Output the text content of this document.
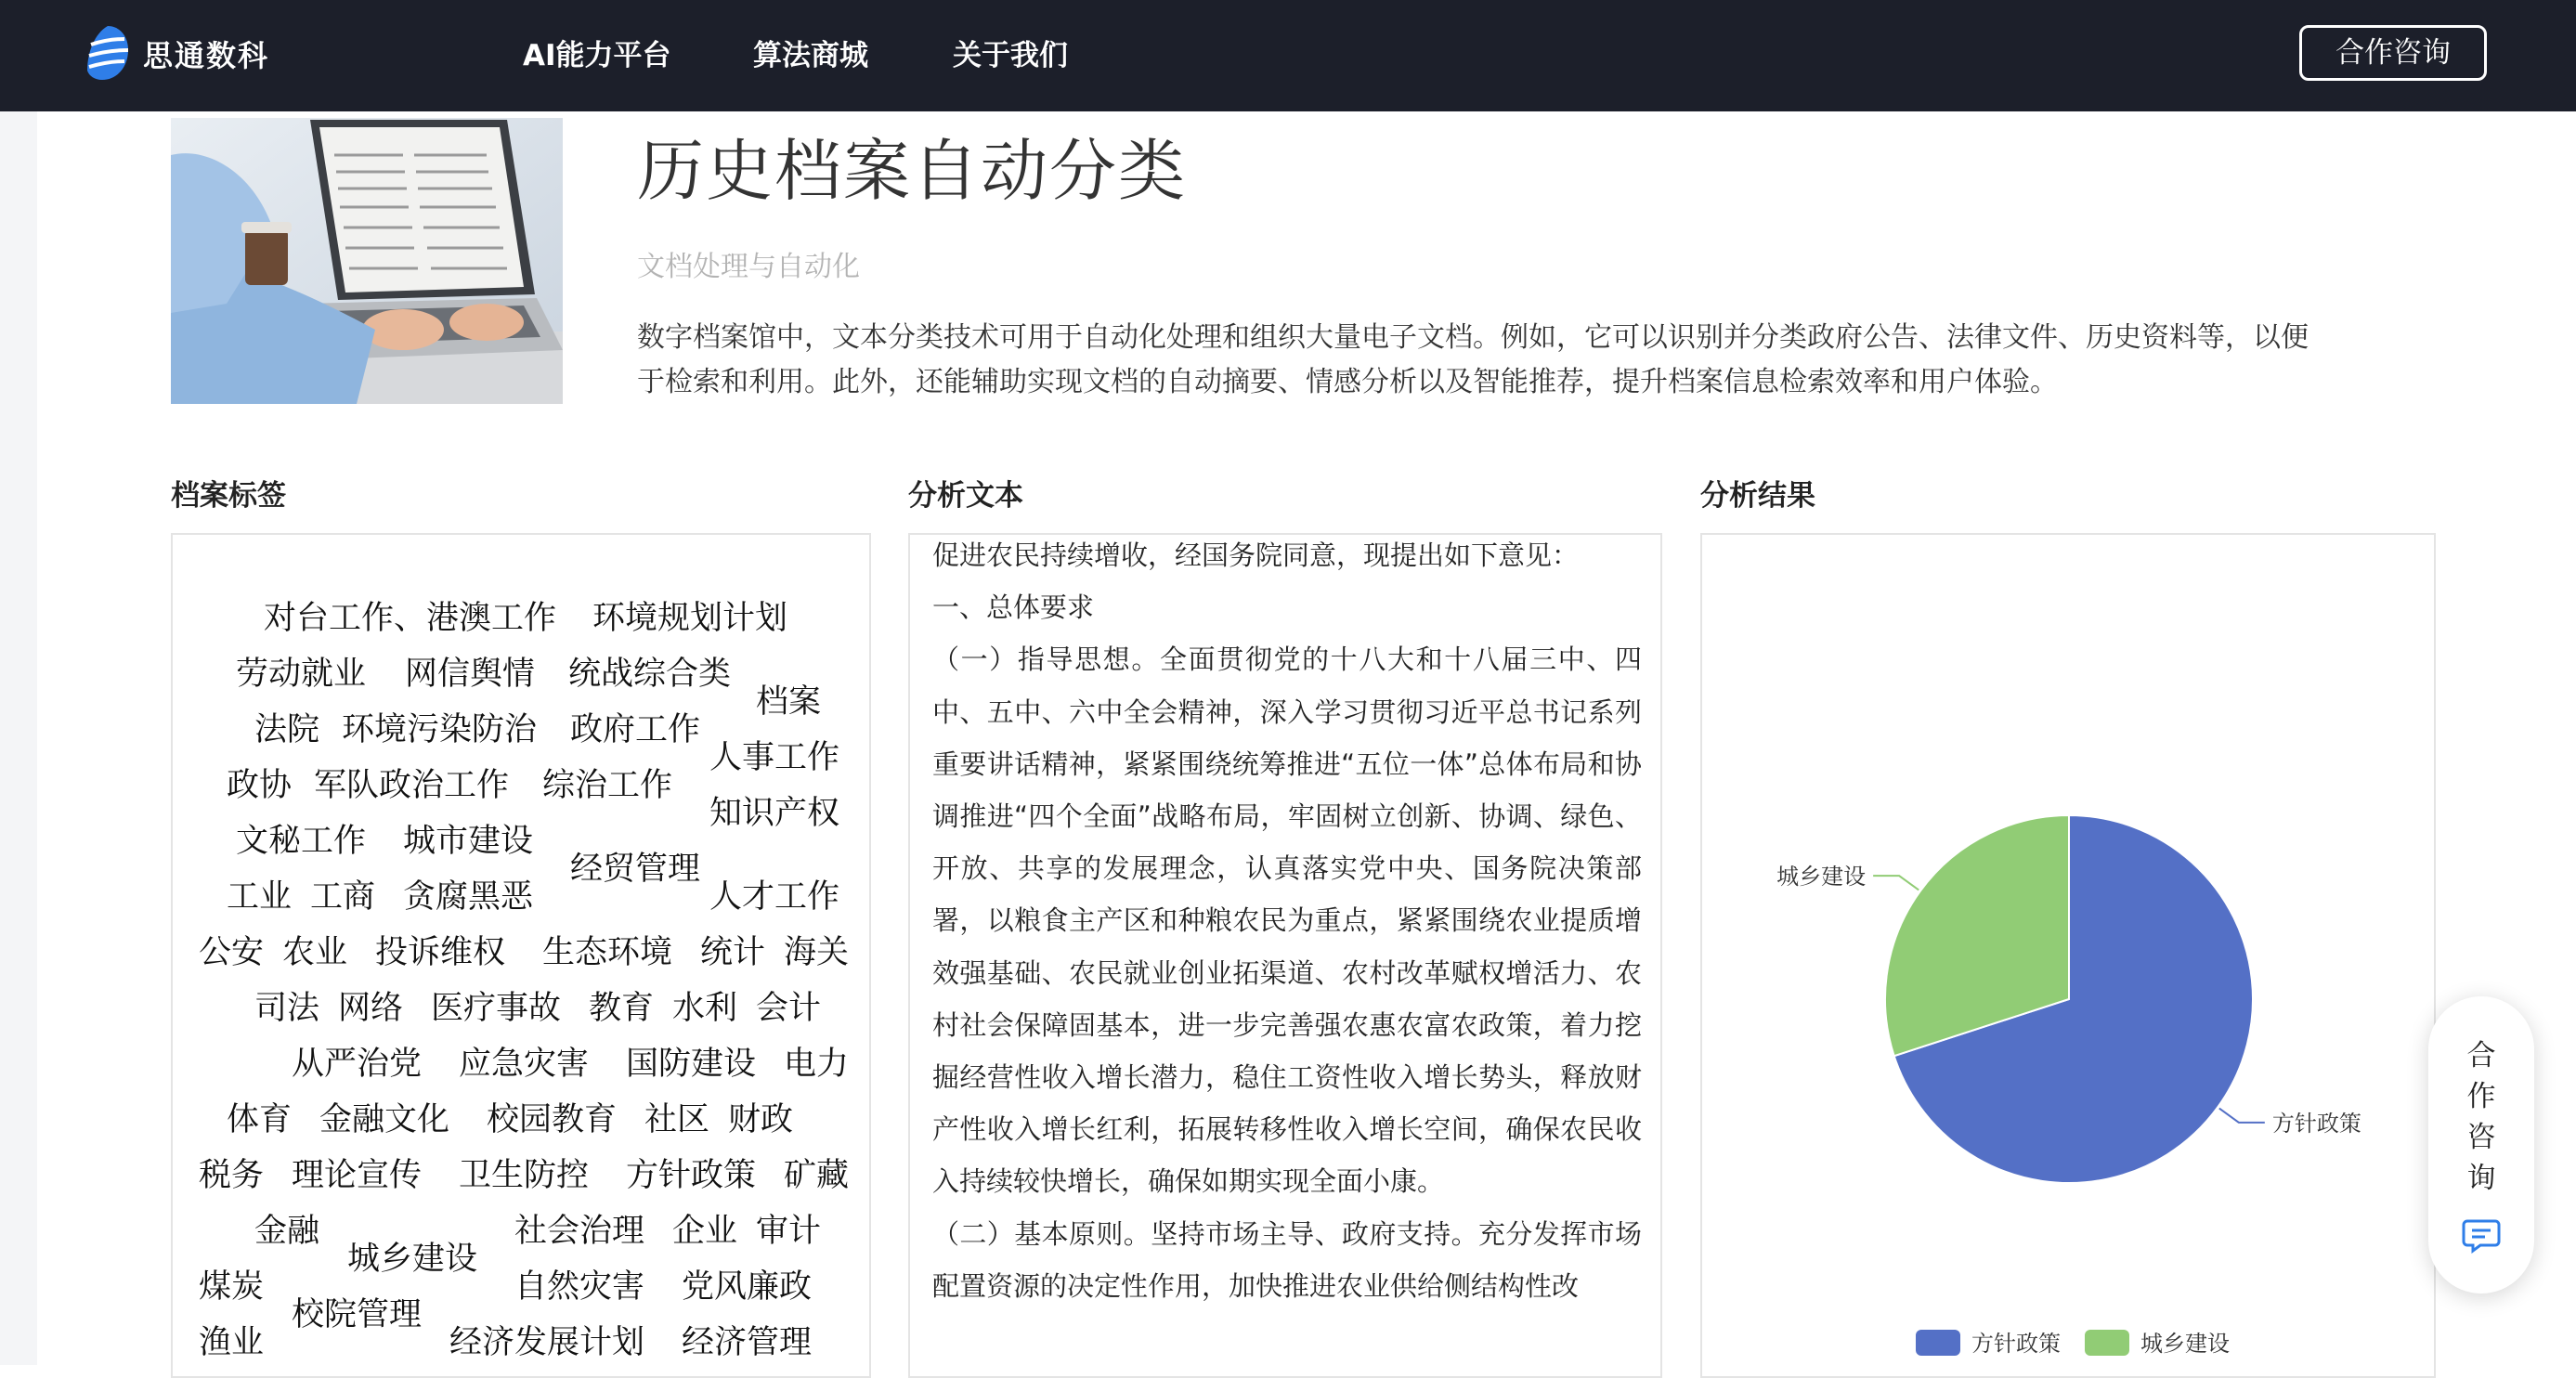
思通数科	AI能力平台	算法商城	关于我们	合作咨询
历史档案自动分类
文档处理与自动化
数字档案馆中，文本分类技术可用于自动化处理和组织大量电子文档。例如，它可以识别并分类政府公告、法律文件、历史资料等，以便于检索和利用。此外，还能辅助实现文档的自动摘要、情感分析以及智能推荐，提升档案信息检索效率和用户体验。
档案标签	分析文本	分析结果
对台工作、港澳工作 环境规划计划
劳动就业 网信舆情 统战综合类
档案
法院 环境污染防治 政府工作
人事工作
政协 军队政治工作 综治工作
知识产权
文秘工作 城市建设
经贸管理
工业 工商 贪腐黑恶	人才工作
公安 农业 投诉维权 生态环境 统计 海关
司法 网络 医疗事故 教育 水利 会计
从严治党 应急灾害 国防建设 电力
体育 金融文化 校园教育 社区 财政
税务 理论宣传 卫生防控 方针政策 矿藏
金融
城乡建设
社会治理 企业 审计
煤炭	自然灾害 党风廉政
校院管理
渔业	经济发展计划 经济管理

促进农民持续增收，经国务院同意，现提出如下意见：

一、总体要求

（一）指导思想。全面贯彻党的十八大和十八届三中、四中、五中、六中全会精神，深入学习贯彻习近平总书记系列重要讲话精神，紧紧围绕统筹推进“五位一体”总体布局和协调推进“四个全面”战略布局，牢固树立创新、协调、绿色、开放、共享的发展理念，认真落实党中央、国务院决策部署，以粮食主产区和种粮农民为重点，紧紧围绕农业提质增效强基础、农民就业创业拓渠道、农村改革赋权增活力、农村社会保障固基本，进一步完善强农惠农富农政策，着力挖掘经营性收入增长潜力，稳住工资性收入增长势头，释放财产性收入增长红利，拓展转移性收入增长空间，确保农民收入持续较快增长，确保如期实现全面小康。

（二）基本原则。坚持市场主导、政府支持。充分发挥市场配置资源的决定性作用，加快推进农业供给侧结构性改

方针政策
城乡建设
方针政策	城乡建设
合
作
咨
询
